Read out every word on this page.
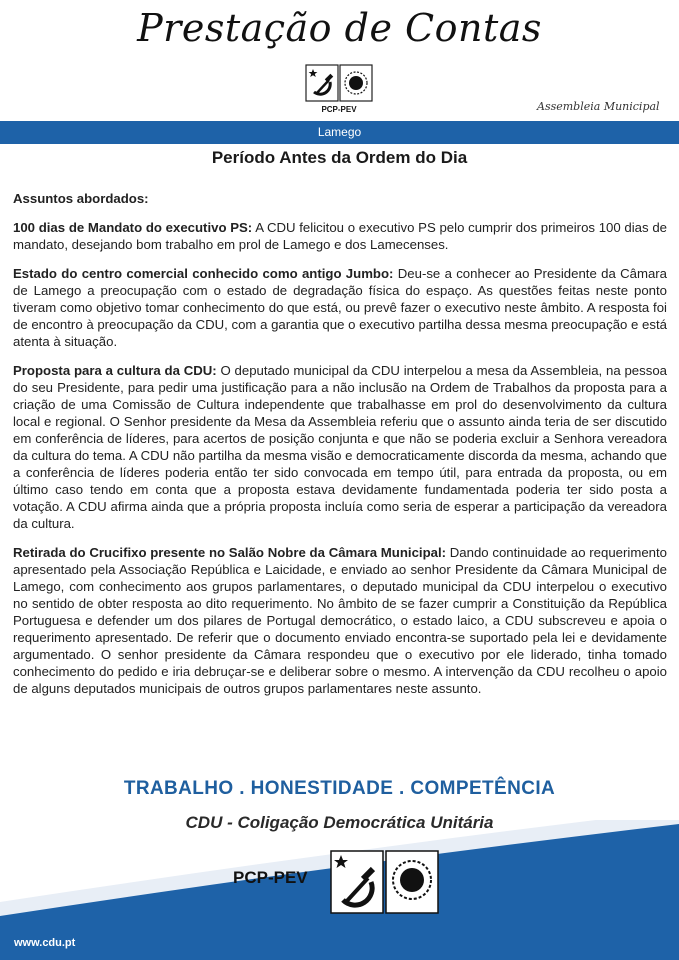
Prestação de Contas
PCP-PEV	Assembleia Municipal
Lamego
Período Antes da Ordem do Dia

Assuntos abordados:

100 dias de Mandato do executivo PS: A CDU felicitou o executivo PS pelo cumprir dos primeiros 100 dias de mandato, desejando bom trabalho em prol de Lamego e dos Lamecenses.

Estado do centro comercial conhecido como antigo Jumbo: Deu-se a conhecer ao Presidente da Câmara de Lamego a preocupação com o estado de degradação física do espaço. As questões feitas neste ponto tiveram como objetivo tomar conhecimento do que está, ou prevê fazer o executivo neste âmbito. A resposta foi de encontro à preocupação da CDU, com a garantia que o executivo partilha dessa mesma preocupação e está atenta à situação.

Proposta para a cultura da CDU: O deputado municipal da CDU interpelou a mesa da Assembleia, na pessoa do seu Presidente, para pedir uma justificação para a não inclusão na Ordem de Trabalhos da proposta para a criação de uma Comissão de Cultura independente que trabalhasse em prol do desenvolvimento da cultura local e regional. O Senhor presidente da Mesa da Assembleia referiu que o assunto ainda teria de ser discutido em conferência de líderes, para acertos de posição conjunta e que não se poderia excluir a Senhora vereadora da cultura do tema. A CDU não partilha da mesma visão e democraticamente discorda da mesma, achando que a conferência de líderes poderia então ter sido convocada em tempo útil, para entrada da proposta, ou em último caso tendo em conta que a proposta estava devidamente fundamentada poderia ter sido posta a votação. A CDU afirma ainda que a própria proposta incluía como seria de esperar a participação da vereadora da cultura.

Retirada do Crucifixo presente no Salão Nobre da Câmara Municipal: Dando continuidade ao requerimento apresentado pela Associação República e Laicidade, e enviado ao senhor Presidente da Câmara Municipal de Lamego, com conhecimento aos grupos parlamentares, o deputado municipal da CDU interpelou o executivo no sentido de obter resposta ao dito requerimento. No âmbito de se fazer cumprir a Constituição da República Portuguesa e defender um dos pilares de Portugal democrático, o estado laico, a CDU subscreveu e apoia o requerimento apresentado. De referir que o documento enviado encontra-se suportado pela lei e devidamente argumentado. O senhor presidente da Câmara respondeu que o executivo por ele liderado, tinha tomado conhecimento do pedido e iria debruçar-se e deliberar sobre o mesmo. A intervenção da CDU recolheu o apoio de alguns deputados municipais de outros grupos parlamentares neste assunto.

TRABALHO . HONESTIDADE . COMPETÊNCIA
CDU - Coligação Democrática Unitária
PCP-PEV
www.cdu.pt
